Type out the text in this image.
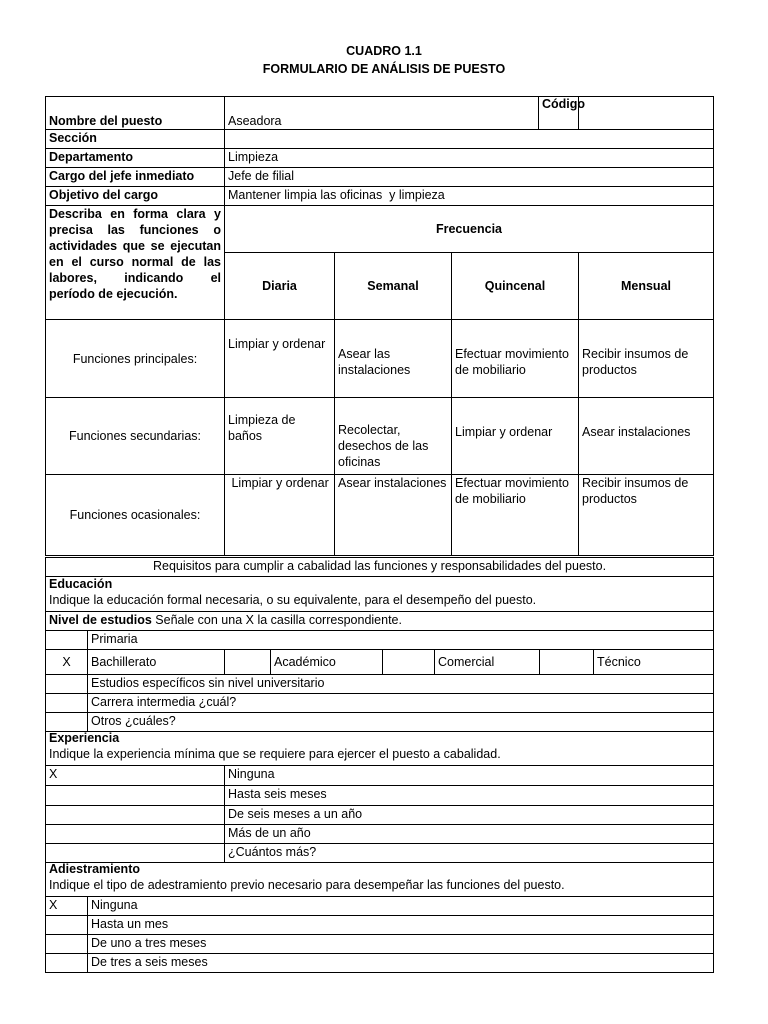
CUADRO 1.1
FORMULARIO DE ANÁLISIS DE PUESTO
Nombre del puesto	Aseadora			Código	
Sección					
Departamento	Limpieza				
Cargo del jefe inmediato	Jefe de filial				
Objetivo del cargo	Mantener limpia las oficinas  y limpieza				
Describa en forma clara y precisa las funciones o actividades que se ejecutan en el curso normal de las labores, indicando el período de ejecución.	Frecuencia				
	Diaria	Semanal	Quincenal		Mensual
Funciones principales:	Limpiar y ordenar	Asear las instalaciones	Efectuar movimiento de mobiliario		Recibir insumos de productos
Funciones secundarias:	Limpieza de baños	Recolectar, desechos de las oficinas	Limpiar y ordenar		Asear instalaciones
Funciones ocasionales:	Limpiar y ordenar	Asear instalaciones	Efectuar movimiento de mobiliario		Recibir insumos de productos
Requisitos para cumplir a cabalidad las funciones y responsabilidades del puesto.							

Educación
Indique la educación formal necesaria, o su equivalente, para el desempeño del puesto.							

Nivel de estudios Señale con una X la casilla correspondiente.							
	Primaria						
X	Bachillerato		Académico		Comercial		Técnico
	Estudios específicos sin nivel universitario						
	Carrera intermedia ¿cuál?						
	Otros ¿cuáles?						
Experiencia
Indique la experiencia mínima que se requiere para ejercer el puesto a cabalidad.	

X	Ninguna
	Hasta seis meses
	De seis meses a un año
	Más de un año
	¿Cuántos más?
Adiestramiento
Indique el tipo de adestramiento previo necesario para desempeñar las funciones del puesto.	

X	Ninguna
	Hasta un mes
	De uno a tres meses
	De tres a seis meses
